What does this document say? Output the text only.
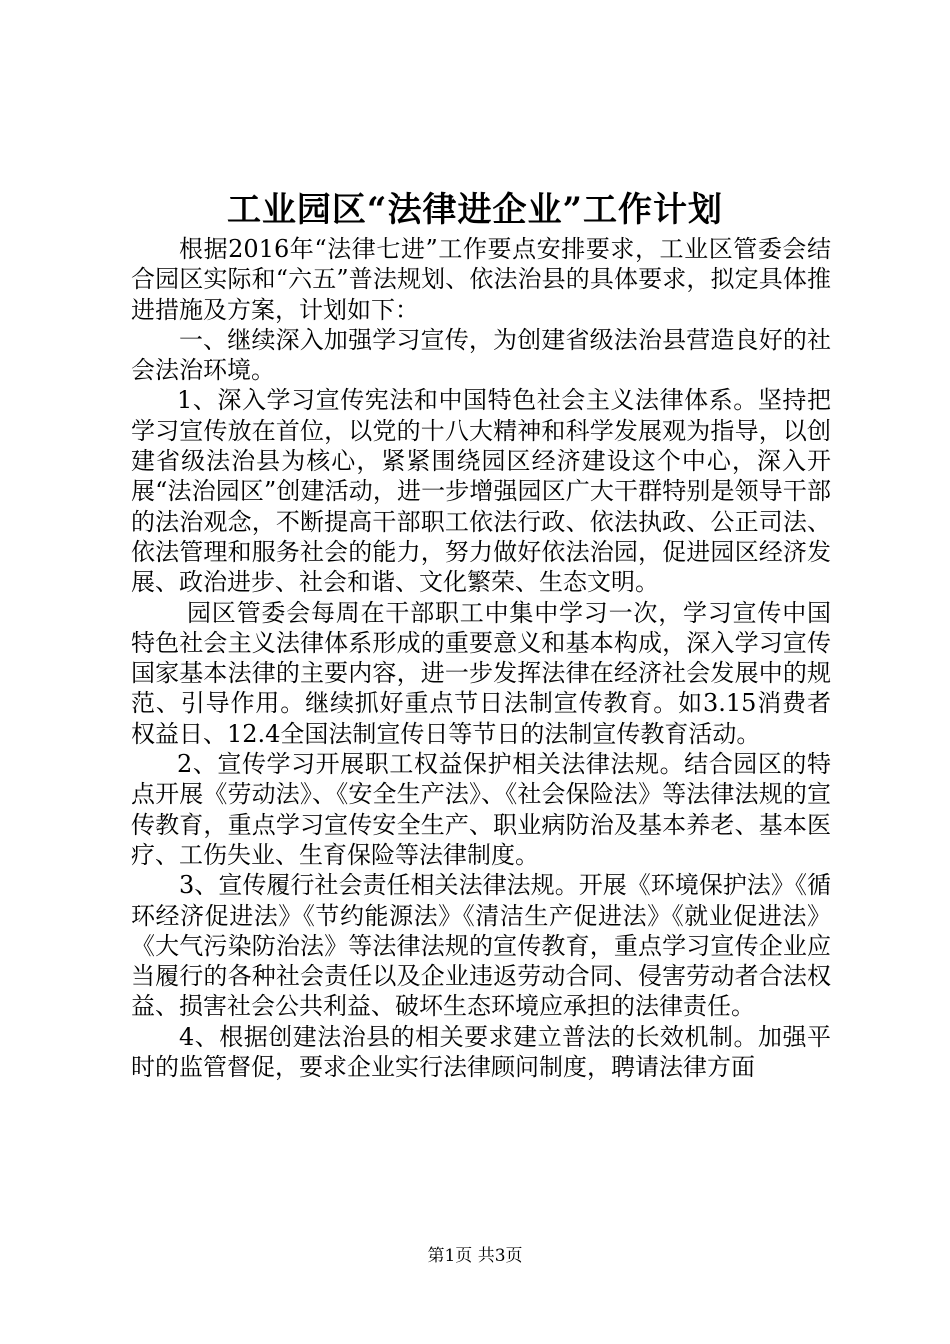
工业园区“法律进企业”工作计划

根据2016年“法律七进”工作要点安排要求，工业区管委会结合园区实际和“六五”普法规划、依法治县的具体要求，拟定具体推进措施及方案，计划如下：

一、继续深入加强学习宣传，为创建省级法治县营造良好的社会法治环境。

1、深入学习宣传宪法和中国特色社会主义法律体系。坚持把学习宣传放在首位，以党的十八大精神和科学发展观为指导，以创建省级法治县为核心，紧紧围绕园区经济建设这个中心，深入开展“法治园区”创建活动，进一步增强园区广大干群特别是领导干部的法治观念，不断提高干部职工依法行政、依法执政、公正司法、依法管理和服务社会的能力，努力做好依法治园，促进园区经济发展、政治进步、社会和谐、文化繁荣、生态文明。

园区管委会每周在干部职工中集中学习一次，学习宣传中国特色社会主义法律体系形成的重要意义和基本构成，深入学习宣传国家基本法律的主要内容，进一步发挥法律在经济社会发展中的规范、引导作用。继续抓好重点节日法制宣传教育。如3.15消费者权益日、12.4全国法制宣传日等节日的法制宣传教育活动。

2、宣传学习开展职工权益保护相关法律法规。结合园区的特点开展《劳动法》、《安全生产法》、《社会保险法》等法律法规的宣传教育，重点学习宣传安全生产、职业病防治及基本养老、基本医疗、工伤失业、生育保险等法律制度。

3、宣传履行社会责任相关法律法规。开展《环境保护法》《循环经济促进法》《节约能源法》《清洁生产促进法》《就业促进法》《大气污染防治法》等法律法规的宣传教育，重点学习宣传企业应当履行的各种社会责任以及企业违返劳动合同、侵害劳动者合法权益、损害社会公共利益、破坏生态环境应承担的法律责任。

4、根据创建法治县的相关要求建立普法的长效机制。加强平时的监管督促，要求企业实行法律顾问制度，聘请法律方面

第1页 共3页
